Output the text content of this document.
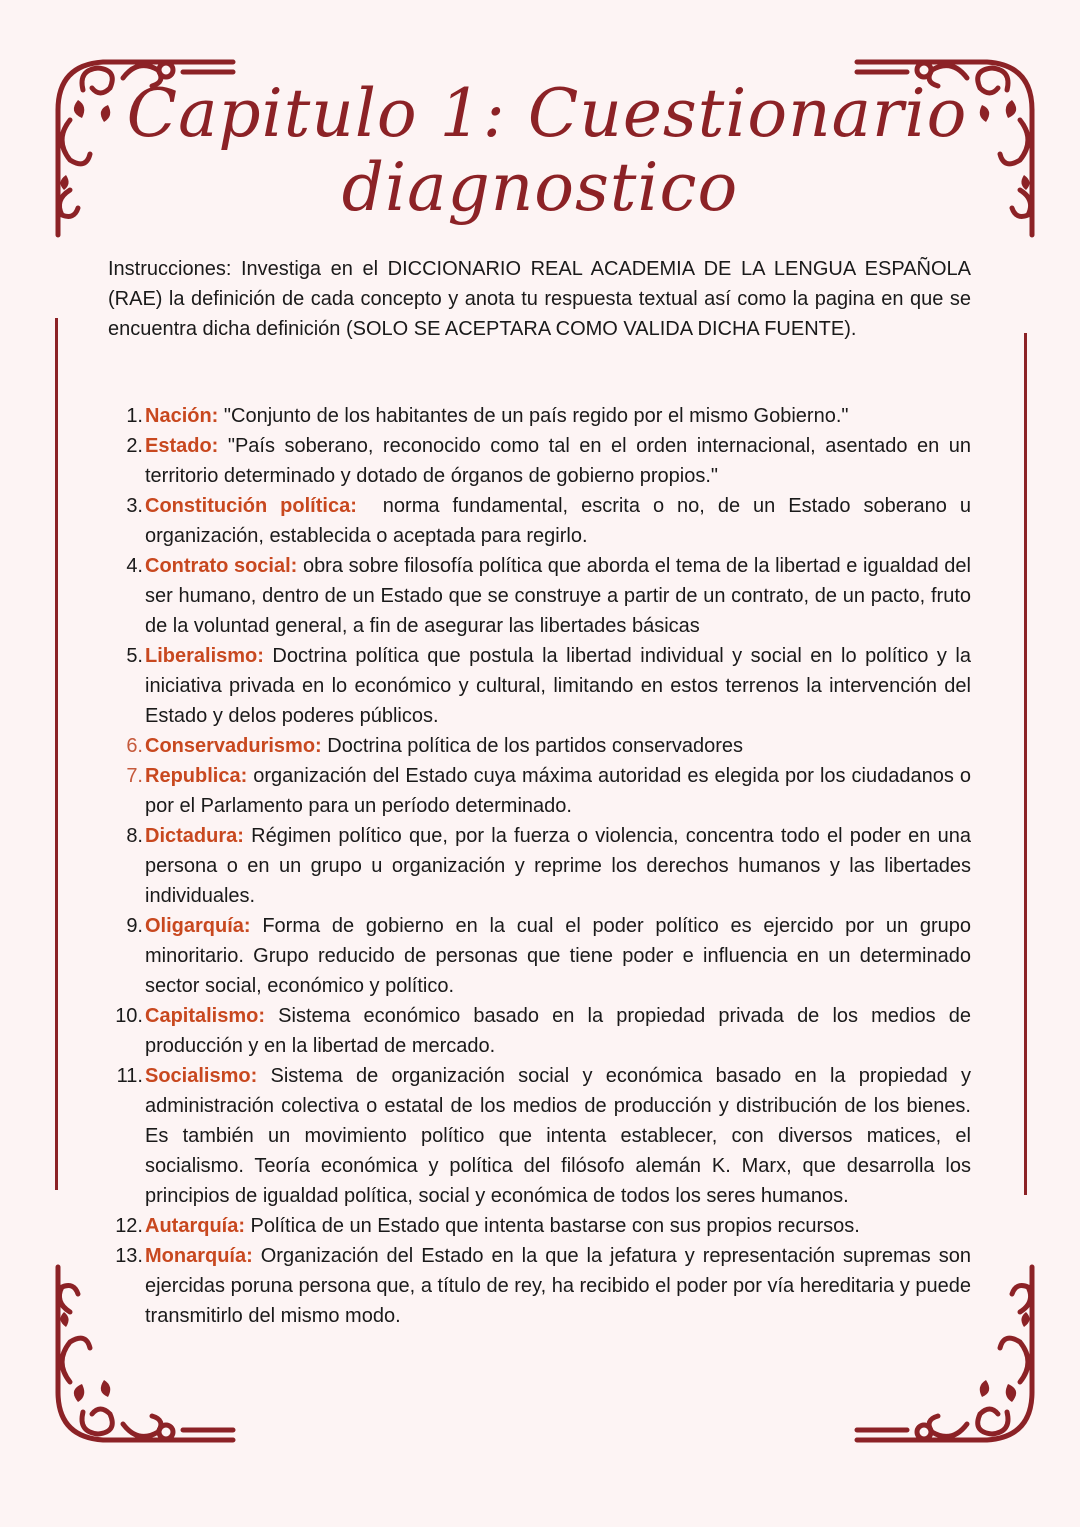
Capitulo 1: Cuestionario
diagnostico
Instrucciones: Investiga en el DICCIONARIO REAL ACADEMIA DE LA LENGUA ESPAÑOLA (RAE) la definición de cada concepto y anota tu respuesta textual así como la pagina en que se encuentra dicha definición (SOLO SE ACEPTARA COMO VALIDA DICHA FUENTE).
1. Nación: "Conjunto de los habitantes de un país regido por el mismo Gobierno."
2. Estado: "País soberano, reconocido como tal en el orden internacional, asentado en un territorio determinado y dotado de órganos de gobierno propios."
3. Constitución política:  norma fundamental, escrita o no, de un Estado soberano u organización, establecida o aceptada para regirlo.
4. Contrato social: obra sobre filosofía política que aborda el tema de la libertad e igualdad del ser humano, dentro de un Estado que se construye a partir de un contrato, de un pacto, fruto de la voluntad general, a fin de asegurar las libertades básicas
5. Liberalismo: Doctrina política que postula la libertad individual y social en lo político y la iniciativa privada en lo económico y cultural, limitando en estos terrenos la intervención del Estado y delos poderes públicos.
6. Conservadurismo: Doctrina política de los partidos conservadores
7. Republica: organización del Estado cuya máxima autoridad es elegida por los ciudadanos o por el Parlamento para un período determinado.
8. Dictadura: Régimen político que, por la fuerza o violencia, concentra todo el poder en una persona o en un grupo u organización y reprime los derechos humanos y las libertades individuales.
9. Oligarquía: Forma de gobierno en la cual el poder político es ejercido por un grupo minoritario. Grupo reducido de personas que tiene poder e influencia en un determinado sector social, económico y político.
10. Capitalismo: Sistema económico basado en la propiedad privada de los medios de producción y en la libertad de mercado.
11. Socialismo: Sistema de organización social y económica basado en la propiedad y administración colectiva o estatal de los medios de producción y distribución de los bienes. Es también un movimiento político que intenta establecer, con diversos matices, el socialismo. Teoría económica y política del filósofo alemán K. Marx, que desarrolla los principios de igualdad política, social y económica de todos los seres humanos.
12. Autarquía: Política de un Estado que intenta bastarse con sus propios recursos.
13. Monarquía: Organización del Estado en la que la jefatura y representación supremas son ejercidas poruna persona que, a título de rey, ha recibido el poder por vía hereditaria y puede transmitirlo del mismo modo.
